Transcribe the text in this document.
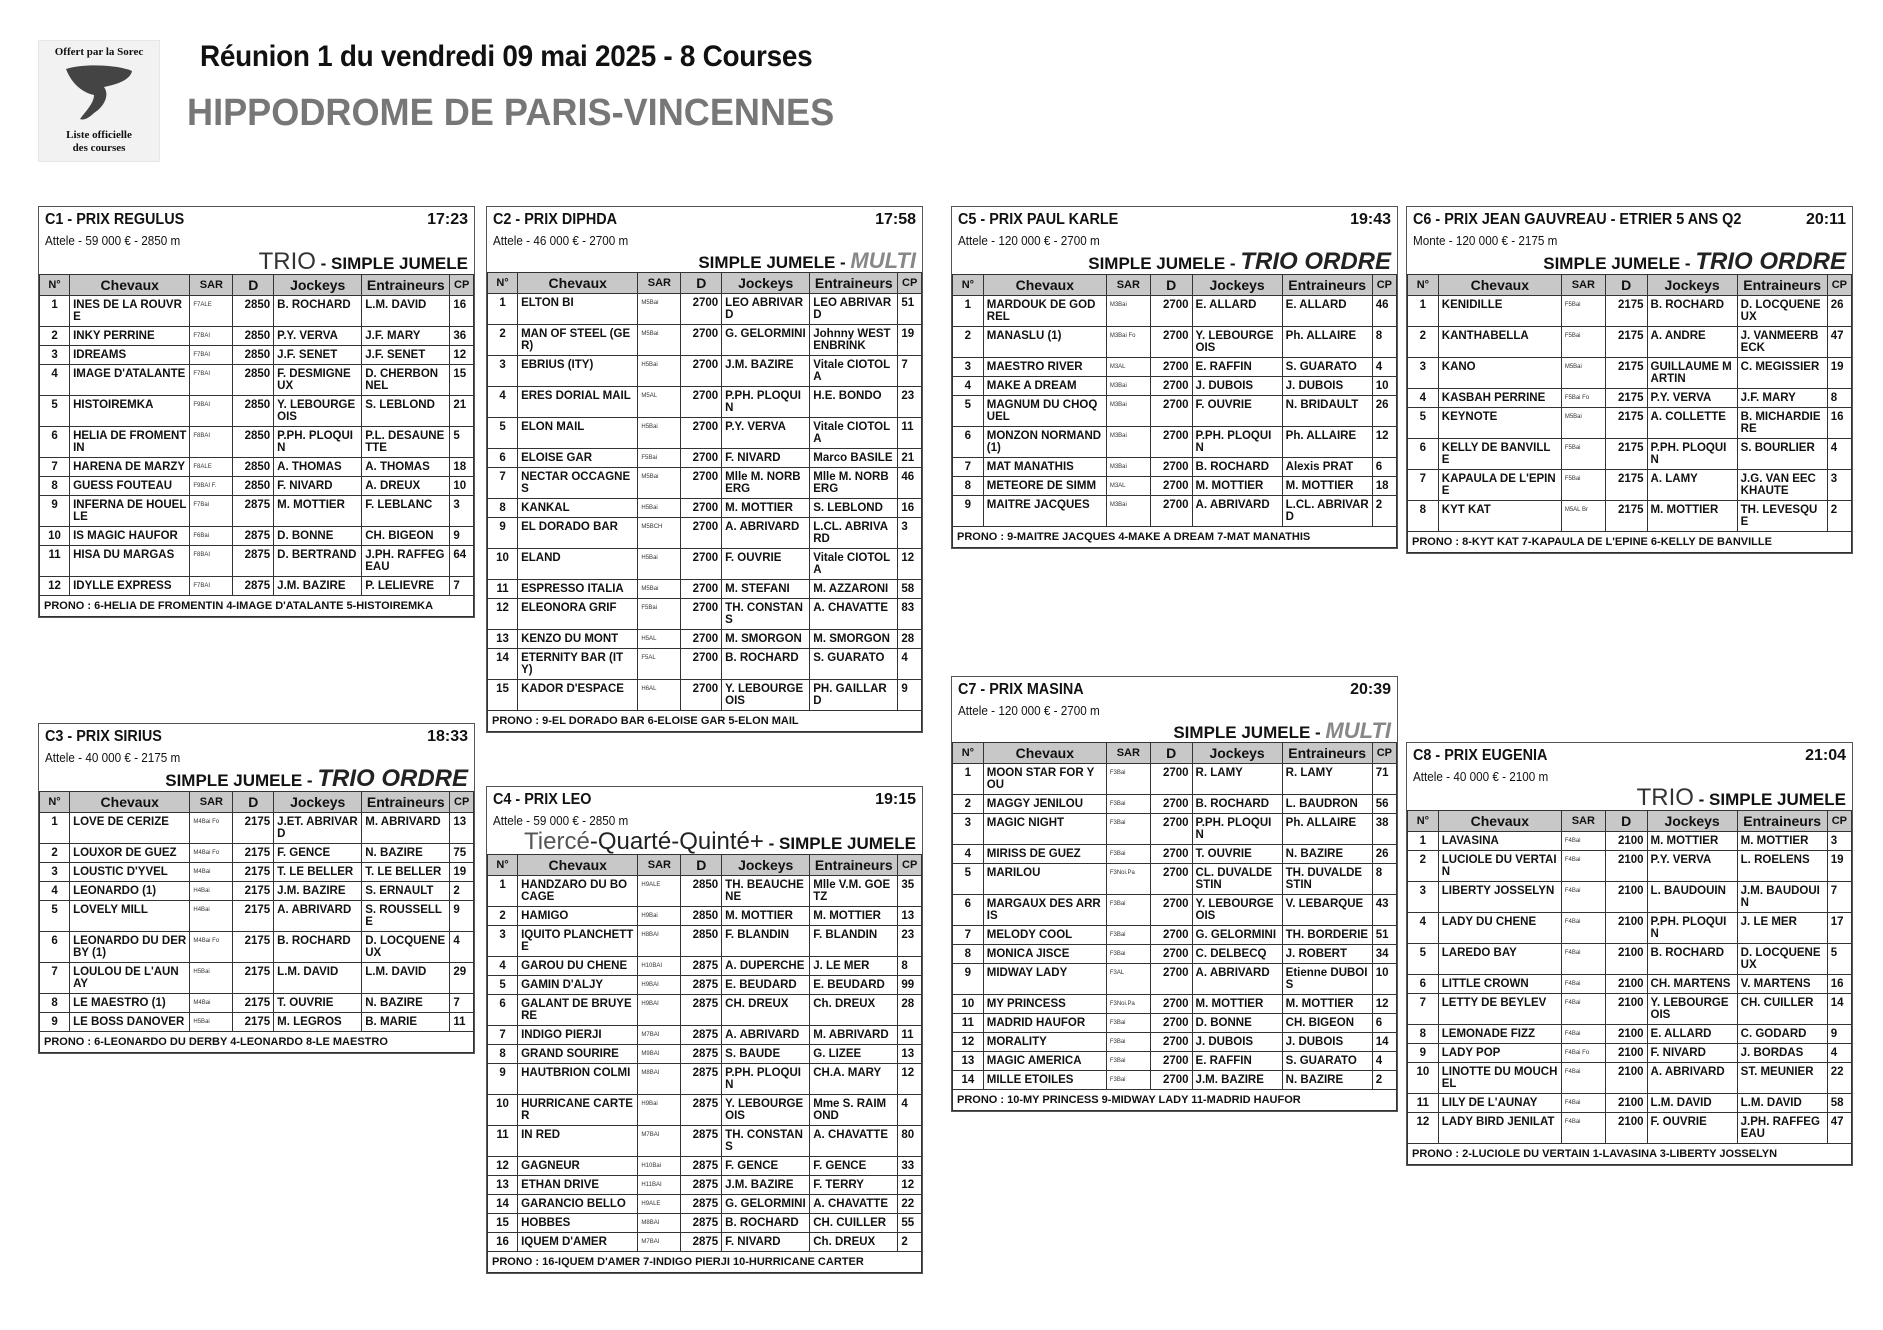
Offert par la Sorec
Liste officielle
des courses
Réunion 1 du vendredi 09 mai 2025 - 8 Courses
HIPPODROME DE PARIS-VINCENNES
C1 - PRIX REGULUS	17:23
Attele - 59 000 € - 2850 m
TRIO - SIMPLE JUMELE
N°	Chevaux	SAR	D	Jockeys	Entraineurs	CP
1	INES DE LA ROUVRE	F7ALE	2850	B. ROCHARD	L.M. DAVID	16
2	INKY PERRINE	F7BAI	2850	P.Y. VERVA	J.F. MARY	36
3	IDREAMS	F7BAI	2850	J.F. SENET	J.F. SENET	12
4	IMAGE D'ATALANTE	F7BAI	2850	F. DESMIGNEUX	D. CHERBONNEL	15
5	HISTOIREMKA	F9BAI	2850	Y. LEBOURGEOIS	S. LEBLOND	21
6	HELIA DE FROMENTIN	F8BAI	2850	P.PH. PLOQUIN	P.L. DESAUNETTE	5
7	HARENA DE MARZY	F8ALE	2850	A. THOMAS	A. THOMAS	18
8	GUESS FOUTEAU	F9BAI F.	2850	F. NIVARD	A. DREUX	10
9	INFERNA DE HOUELLE	F7Bai	2875	M. MOTTIER	F. LEBLANC	3
10	IS MAGIC HAUFOR	F6Bai	2875	D. BONNE	CH. BIGEON	9
11	HISA DU MARGAS	F8BAI	2875	D. BERTRAND	J.PH. RAFFEGEAU	64
12	IDYLLE EXPRESS	F7BAI	2875	J.M. BAZIRE	P. LELIEVRE	7
PRONO : 6-HELIA DE FROMENTIN 4-IMAGE D'ATALANTE 5-HISTOIREMKA						
C2 - PRIX DIPHDA	17:58
Attele - 46 000 € - 2700 m
SIMPLE JUMELE - MULTI
N°	Chevaux	SAR	D	Jockeys	Entraineurs	CP
1	ELTON BI	M5Bai	2700	LEO ABRIVARD	LEO ABRIVARD	51
2	MAN OF STEEL (GER)	M5Bai	2700	G. GELORMINI	Johnny WESTENBRINK	19
3	EBRIUS (ITY)	H5Bai	2700	J.M. BAZIRE	Vitale CIOTOLA	7
4	ERES DORIAL MAIL	M5AL	2700	P.PH. PLOQUIN	H.E. BONDO	23
5	ELON MAIL	H5Bai	2700	P.Y. VERVA	Vitale CIOTOLA	11
6	ELOISE GAR	F5Bai	2700	F. NIVARD	Marco BASILE	21
7	NECTAR OCCAGNES	M5Bai	2700	Mlle M. NORBERG	Mlle M. NORBERG	46
8	KANKAL	H5Bai	2700	M. MOTTIER	S. LEBLOND	16
9	EL DORADO BAR	M5BCH	2700	A. ABRIVARD	L.CL. ABRIVARD	3
10	ELAND	H5Bai	2700	F. OUVRIE	Vitale CIOTOLA	12
11	ESPRESSO ITALIA	M5Bai	2700	M. STEFANI	M. AZZARONI	58
12	ELEONORA GRIF	F5Bai	2700	TH. CONSTANS	A. CHAVATTE	83
13	KENZO DU MONT	H5AL	2700	M. SMORGON	M. SMORGON	28
14	ETERNITY BAR (ITY)	F5AL	2700	B. ROCHARD	S. GUARATO	4
15	KADOR D'ESPACE	H6AL	2700	Y. LEBOURGEOIS	PH. GAILLARD	9
PRONO : 9-EL DORADO BAR 6-ELOISE GAR 5-ELON MAIL						
C3 - PRIX SIRIUS	18:33
Attele - 40 000 € - 2175 m
SIMPLE JUMELE - TRIO ORDRE
N°	Chevaux	SAR	D	Jockeys	Entraineurs	CP
1	LOVE DE CERIZE	M4Bai Fo	2175	J.ET. ABRIVARD	M. ABRIVARD	13
2	LOUXOR DE GUEZ	M4Bai Fo	2175	F. GENCE	N. BAZIRE	75
3	LOUSTIC D'YVEL	M4Bai	2175	T. LE BELLER	T. LE BELLER	19
4	LEONARDO (1)	H4Bai	2175	J.M. BAZIRE	S. ERNAULT	2
5	LOVELY MILL	H4Bai	2175	A. ABRIVARD	S. ROUSSELLE	9
6	LEONARDO DU DERBY (1)	M4Bai Fo	2175	B. ROCHARD	D. LOCQUENEUX	4
7	LOULOU DE L'AUNAY	H5Bai	2175	L.M. DAVID	L.M. DAVID	29
8	LE MAESTRO (1)	M4Bai	2175	T. OUVRIE	N. BAZIRE	7
9	LE BOSS DANOVER	H5Bai	2175	M. LEGROS	B. MARIE	11
PRONO : 6-LEONARDO DU DERBY 4-LEONARDO 8-LE MAESTRO						
C4 - PRIX LEO	19:15
Attele - 59 000 € - 2850 m
Tiercé-Quarté-Quinté+ - SIMPLE JUMELE
N°	Chevaux	SAR	D	Jockeys	Entraineurs	CP
1	HANDZARO DU BOCAGE	H9ALE	2850	TH. BEAUCHENE	Mlle V.M. GOETZ	35
2	HAMIGO	H9Bai	2850	M. MOTTIER	M. MOTTIER	13
3	IQUITO PLANCHETTE	H8BAI	2850	F. BLANDIN	F. BLANDIN	23
4	GAROU DU CHENE	H10BAI	2875	A. DUPERCHE	J. LE MER	8
5	GAMIN D'ALJY	H9BAI	2875	E. BEUDARD	E. BEUDARD	99
6	GALANT DE BRUYERE	H9BAI	2875	CH. DREUX	Ch. DREUX	28
7	INDIGO PIERJI	M7BAI	2875	A. ABRIVARD	M. ABRIVARD	11
8	GRAND SOURIRE	M9BAI	2875	S. BAUDE	G. LIZEE	13
9	HAUTBRION COLMI	M8BAI	2875	P.PH. PLOQUIN	CH.A. MARY	12
10	HURRICANE CARTER	H9Bai	2875	Y. LEBOURGEOIS	Mme S. RAIMOND	4
11	IN RED	M7BAI	2875	TH. CONSTANS	A. CHAVATTE	80
12	GAGNEUR	H10Bai	2875	F. GENCE	F. GENCE	33
13	ETHAN DRIVE	H11BAI	2875	J.M. BAZIRE	F. TERRY	12
14	GARANCIO BELLO	H9ALE	2875	G. GELORMINI	A. CHAVATTE	22
15	HOBBES	M8BAI	2875	B. ROCHARD	CH. CUILLER	55
16	IQUEM D'AMER	M7BAI	2875	F. NIVARD	Ch. DREUX	2
PRONO : 16-IQUEM D'AMER 7-INDIGO PIERJI 10-HURRICANE CARTER						
C5 - PRIX PAUL KARLE	19:43
Attele - 120 000 € - 2700 m
SIMPLE JUMELE - TRIO ORDRE
N°	Chevaux	SAR	D	Jockeys	Entraineurs	CP
1	MARDOUK DE GODREL	M3Bai	2700	E. ALLARD	E. ALLARD	46
2	MANASLU (1)	M3Bai Fo	2700	Y. LEBOURGEOIS	Ph. ALLAIRE	8
3	MAESTRO RIVER	M3AL	2700	E. RAFFIN	S. GUARATO	4
4	MAKE A DREAM	M3Bai	2700	J. DUBOIS	J. DUBOIS	10
5	MAGNUM DU CHOQUEL	M3Bai	2700	F. OUVRIE	N. BRIDAULT	26
6	MONZON NORMAND (1)	M3Bai	2700	P.PH. PLOQUIN	Ph. ALLAIRE	12
7	MAT MANATHIS	M3Bai	2700	B. ROCHARD	Alexis PRAT	6
8	METEORE DE SIMM	M3AL	2700	M. MOTTIER	M. MOTTIER	18
9	MAITRE JACQUES	M3Bai	2700	A. ABRIVARD	L.CL. ABRIVARD	2
PRONO : 9-MAITRE JACQUES 4-MAKE A DREAM 7-MAT MANATHIS						
C6 - PRIX JEAN GAUVREAU - ETRIER 5 ANS Q2	20:11
Monte - 120 000 € - 2175 m
SIMPLE JUMELE - TRIO ORDRE
N°	Chevaux	SAR	D	Jockeys	Entraineurs	CP
1	KENIDILLE	F5Bai	2175	B. ROCHARD	D. LOCQUENEUX	26
2	KANTHABELLA	F5Bai	2175	A. ANDRE	J. VANMEERBECK	47
3	KANO	M5Bai	2175	GUILLAUME MARTIN	C. MEGISSIER	19
4	KASBAH PERRINE	F5Bai Fo	2175	P.Y. VERVA	J.F. MARY	8
5	KEYNOTE	M5Bai	2175	A. COLLETTE	B. MICHARDIERE	16
6	KELLY DE BANVILLE	F5Bai	2175	P.PH. PLOQUIN	S. BOURLIER	4
7	KAPAULA DE L'EPINE	F5Bai	2175	A. LAMY	J.G. VAN EECKHAUTE	3
8	KYT KAT	M5AL Br	2175	M. MOTTIER	TH. LEVESQUE	2
PRONO : 8-KYT KAT 7-KAPAULA DE L'EPINE 6-KELLY DE BANVILLE						
C7 - PRIX MASINA	20:39
Attele - 120 000 € - 2700 m
SIMPLE JUMELE - MULTI
N°	Chevaux	SAR	D	Jockeys	Entraineurs	CP
1	MOON STAR FOR YOU	F3Bai	2700	R. LAMY	R. LAMY	71
2	MAGGY JENILOU	F3Bai	2700	B. ROCHARD	L. BAUDRON	56
3	MAGIC NIGHT	F3Bai	2700	P.PH. PLOQUIN	Ph. ALLAIRE	38
4	MIRISS DE GUEZ	F3Bai	2700	T. OUVRIE	N. BAZIRE	26
5	MARILOU	F3Noi.Pa	2700	CL. DUVALDESTIN	TH. DUVALDESTIN	8
6	MARGAUX DES ARRIS	F3Bai	2700	Y. LEBOURGEOIS	V. LEBARQUE	43
7	MELODY COOL	F3Bai	2700	G. GELORMINI	TH. BORDERIE	51
8	MONICA JISCE	F3Bai	2700	C. DELBECQ	J. ROBERT	34
9	MIDWAY LADY	F3AL	2700	A. ABRIVARD	Etienne DUBOIS	10
10	MY PRINCESS	F3Noi.Pa	2700	M. MOTTIER	M. MOTTIER	12
11	MADRID HAUFOR	F3Bai	2700	D. BONNE	CH. BIGEON	6
12	MORALITY	F3Bai	2700	J. DUBOIS	J. DUBOIS	14
13	MAGIC AMERICA	F3Bai	2700	E. RAFFIN	S. GUARATO	4
14	MILLE ETOILES	F3Bai	2700	J.M. BAZIRE	N. BAZIRE	2
PRONO : 10-MY PRINCESS 9-MIDWAY LADY 11-MADRID HAUFOR						
C8 - PRIX EUGENIA	21:04
Attele - 40 000 € - 2100 m
TRIO - SIMPLE JUMELE
N°	Chevaux	SAR	D	Jockeys	Entraineurs	CP
1	LAVASINA	F4Bai	2100	M. MOTTIER	M. MOTTIER	3
2	LUCIOLE DU VERTAIN	F4Bai	2100	P.Y. VERVA	L. ROELENS	19
3	LIBERTY JOSSELYN	F4Bai	2100	L. BAUDOUIN	J.M. BAUDOUIN	7
4	LADY DU CHENE	F4Bai	2100	P.PH. PLOQUIN	J. LE MER	17
5	LAREDO BAY	F4Bai	2100	B. ROCHARD	D. LOCQUENEUX	5
6	LITTLE CROWN	F4Bai	2100	CH. MARTENS	V. MARTENS	16
7	LETTY DE BEYLEV	F4Bai	2100	Y. LEBOURGEOIS	CH. CUILLER	14
8	LEMONADE FIZZ	F4Bai	2100	E. ALLARD	C. GODARD	9
9	LADY POP	F4Bai Fo	2100	F. NIVARD	J. BORDAS	4
10	LINOTTE DU MOUCHEL	F4Bai	2100	A. ABRIVARD	ST. MEUNIER	22
11	LILY DE L'AUNAY	F4Bai	2100	L.M. DAVID	L.M. DAVID	58
12	LADY BIRD JENILAT	F4Bai	2100	F. OUVRIE	J.PH. RAFFEGEAU	47
PRONO : 2-LUCIOLE DU VERTAIN 1-LAVASINA 3-LIBERTY JOSSELYN						
